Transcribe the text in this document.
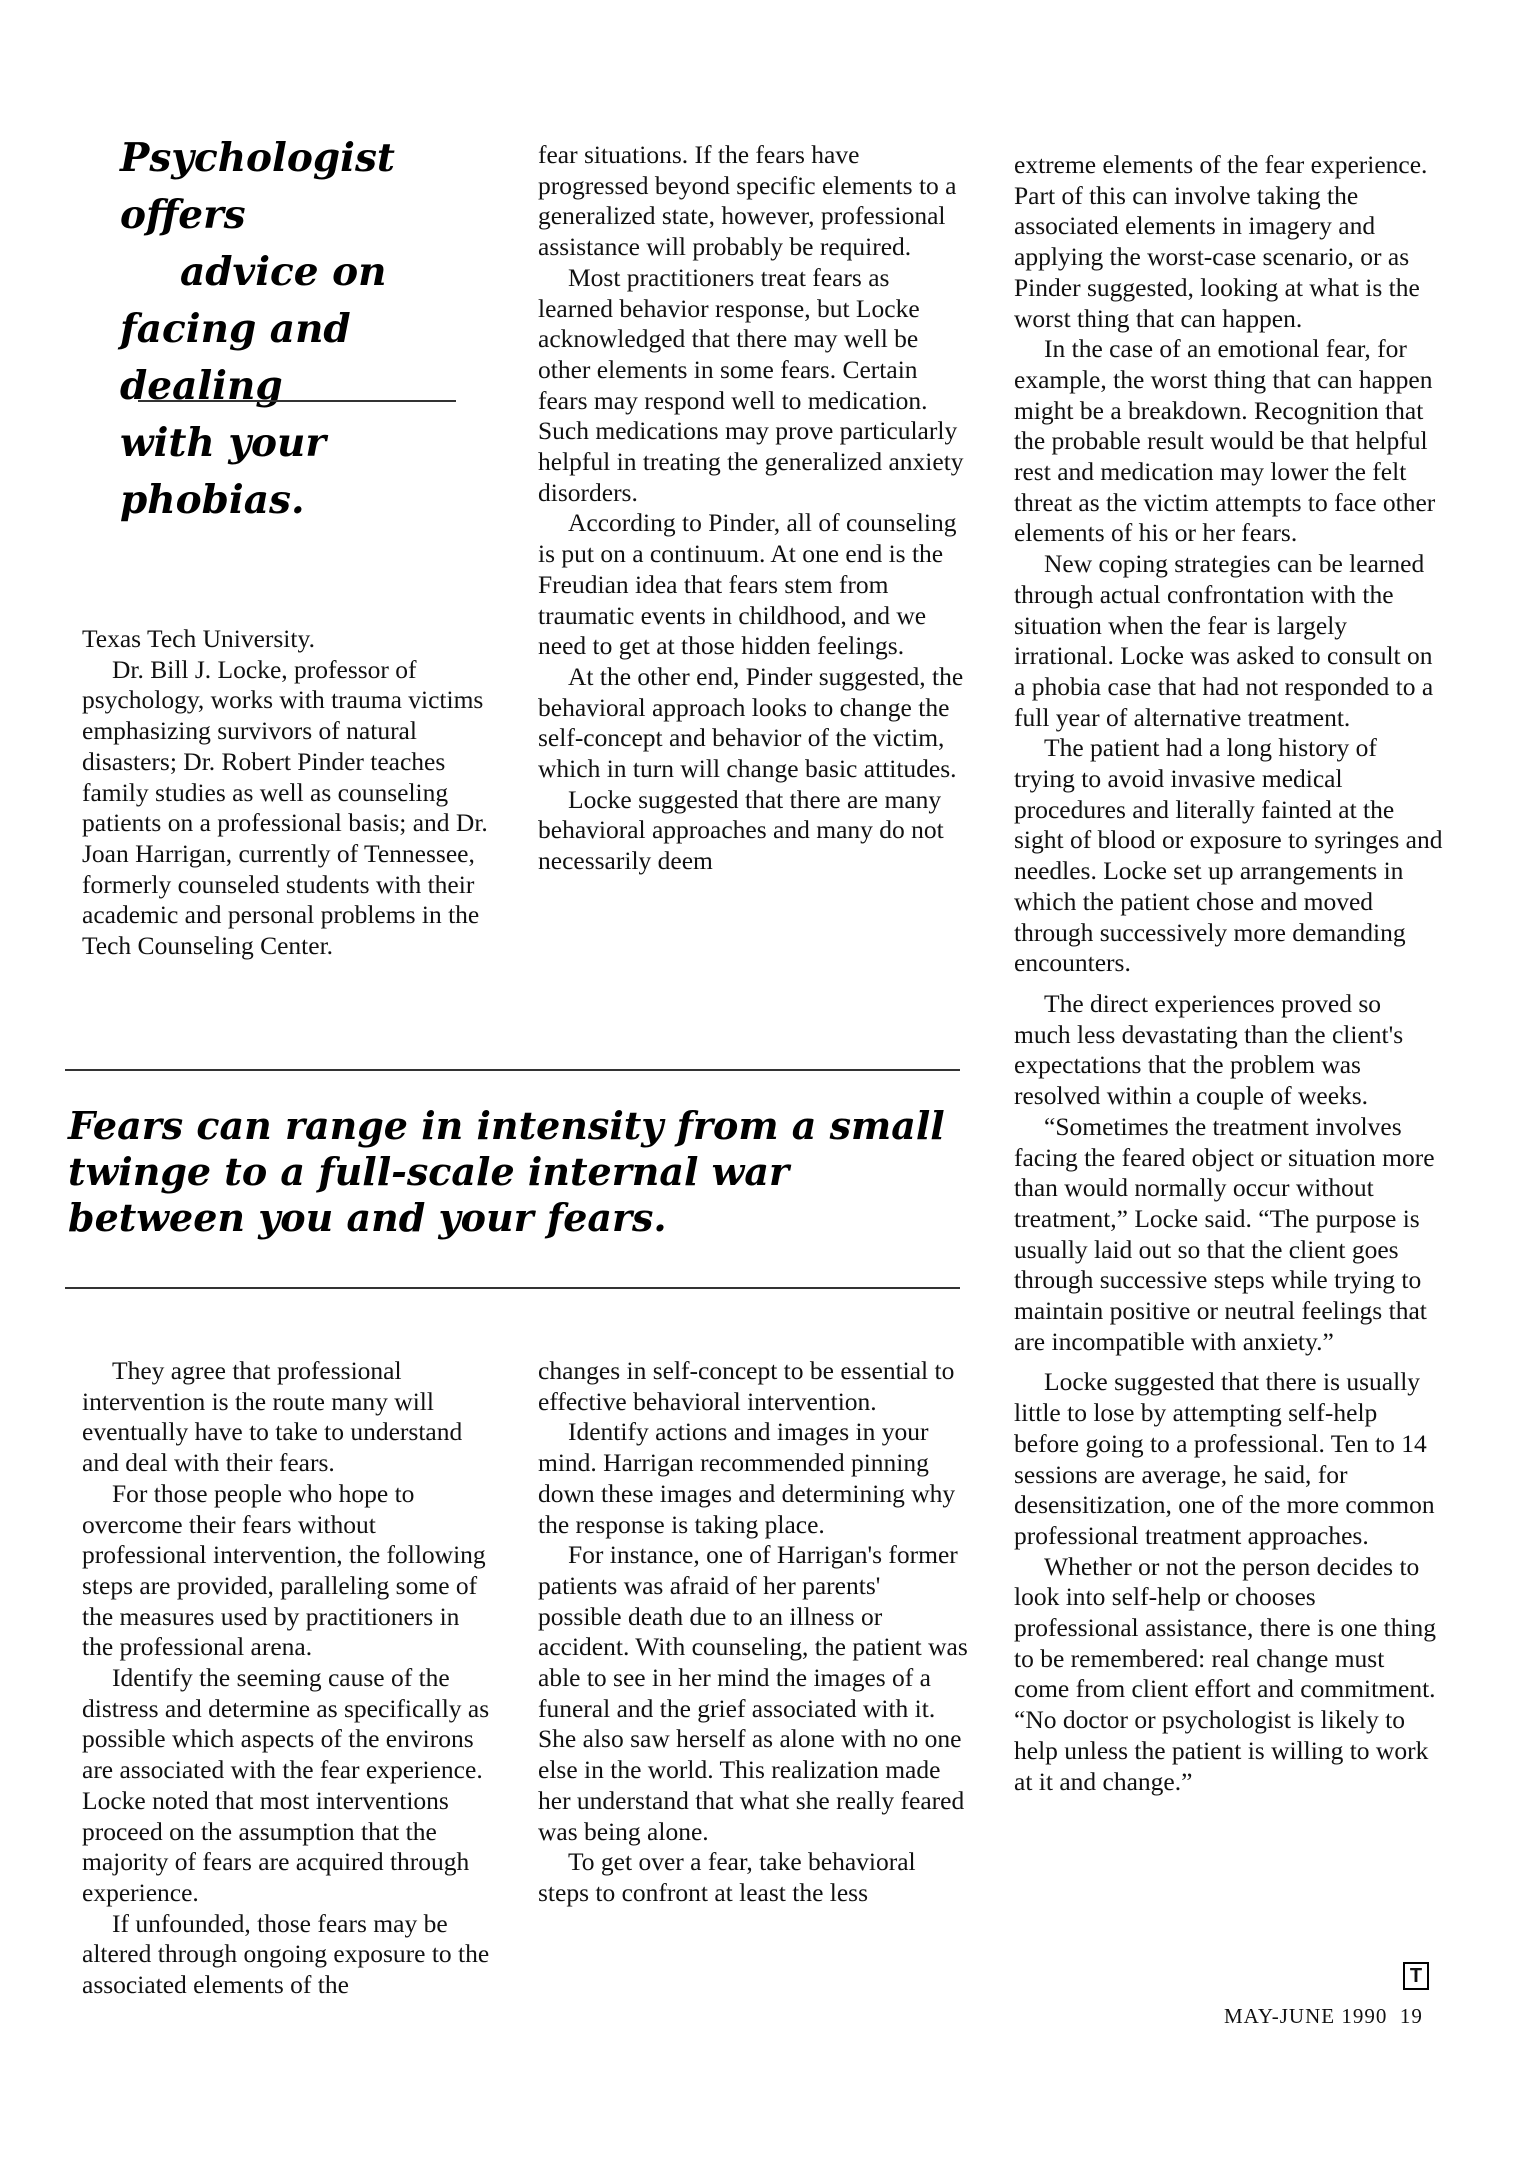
Psychologist offers
advice on
facing and dealing
with your phobias.

Texas Tech University.

Dr. Bill J. Locke, professor of psychology, works with trauma victims emphasizing survivors of natural disasters; Dr. Robert Pinder teaches family studies as well as counseling patients on a professional basis; and Dr. Joan Harrigan, currently of Tennessee, formerly counseled students with their academic and personal problems in the Tech Counseling Center.

fear situations. If the fears have progressed beyond specific elements to a generalized state, however, professional assistance will probably be required.

Most practitioners treat fears as learned behavior response, but Locke acknowledged that there may well be other elements in some fears. Certain fears may respond well to medication. Such medications may prove particularly helpful in treating the generalized anxiety disorders.

According to Pinder, all of counseling is put on a continuum. At one end is the Freudian idea that fears stem from traumatic events in childhood, and we need to get at those hidden feelings.

At the other end, Pinder suggested, the behavioral approach looks to change the self-concept and behavior of the victim, which in turn will change basic attitudes.

Locke suggested that there are many behavioral approaches and many do not necessarily deem

Fears can range in intensity from a small twinge to a full-scale internal war between you and your fears.

They agree that professional intervention is the route many will eventually have to take to understand and deal with their fears.

For those people who hope to overcome their fears without professional intervention, the following steps are provided, paralleling some of the measures used by practitioners in the professional arena.

Identify the seeming cause of the distress and determine as specifically as possible which aspects of the environs are associated with the fear experience. Locke noted that most interventions proceed on the assumption that the majority of fears are acquired through experience.

If unfounded, those fears may be altered through ongoing exposure to the associated elements of the

changes in self-concept to be essential to effective behavioral intervention.

Identify actions and images in your mind. Harrigan recommended pinning down these images and determining why the response is taking place.

For instance, one of Harrigan's former patients was afraid of her parents' possible death due to an illness or accident. With counseling, the patient was able to see in her mind the images of a funeral and the grief associated with it. She also saw herself as alone with no one else in the world. This realization made her understand that what she really feared was being alone.

To get over a fear, take behavioral steps to confront at least the less

extreme elements of the fear experience. Part of this can involve taking the associated elements in imagery and applying the worst-case scenario, or as Pinder suggested, looking at what is the worst thing that can happen.

In the case of an emotional fear, for example, the worst thing that can happen might be a breakdown. Recognition that the probable result would be that helpful rest and medication may lower the felt threat as the victim attempts to face other elements of his or her fears.

New coping strategies can be learned through actual confrontation with the situation when the fear is largely irrational. Locke was asked to consult on a phobia case that had not responded to a full year of alternative treatment.

The patient had a long history of trying to avoid invasive medical procedures and literally fainted at the sight of blood or exposure to syringes and needles. Locke set up arrangements in which the patient chose and moved through successively more demanding encounters.

The direct experiences proved so much less devastating than the client's expectations that the problem was resolved within a couple of weeks.

“Sometimes the treatment involves facing the feared object or situation more than would normally occur without treatment,” Locke said. “The purpose is usually laid out so that the client goes through successive steps while trying to maintain positive or neutral feelings that are incompatible with anxiety.”

Locke suggested that there is usually little to lose by attempting self-help before going to a professional. Ten to 14 sessions are average, he said, for desensitization, one of the more common professional treatment approaches.

Whether or not the person decides to look into self-help or chooses professional assistance, there is one thing to be remembered: real change must come from client effort and commitment. “No doctor or psychologist is likely to help unless the patient is willing to work at it and change.”

T
MAY-JUNE 1990  19
